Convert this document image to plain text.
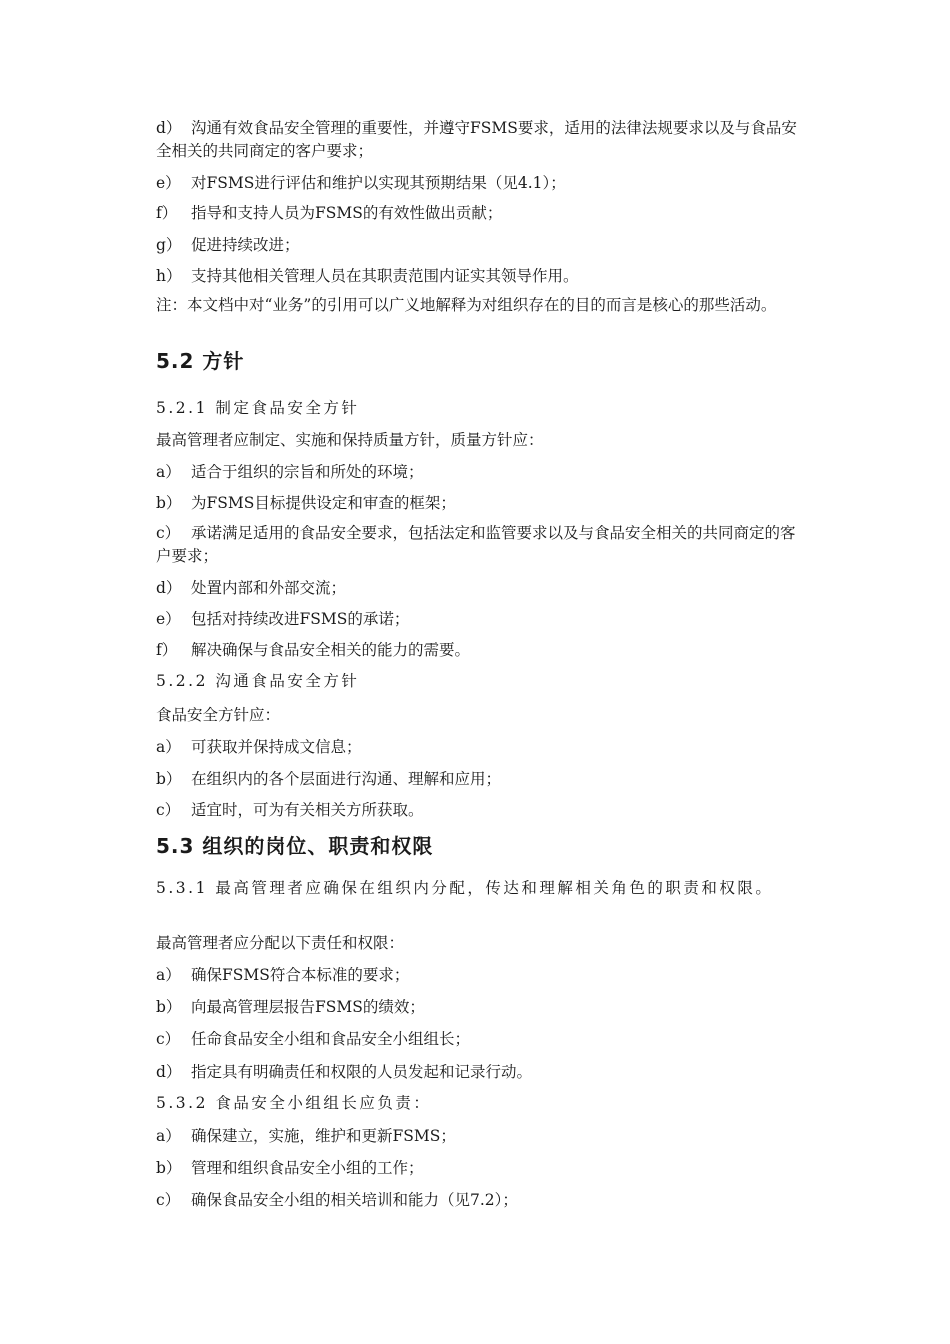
d） 沟通有效食品安全管理的重要性，并遵守FSMS要求，适用的法律法规要求以及与食品安全相关的共同商定的客户要求；
e） 对FSMS进行评估和维护以实现其预期结果（见4.1）；
f） 指导和支持人员为FSMS的有效性做出贡献；
g） 促进持续改进；
h） 支持其他相关管理人员在其职责范围内证实其领导作用。
注：本文档中对“业务”的引用可以广义地解释为对组织存在的目的而言是核心的那些活动。
5.2 方针
5.2.1 制定食品安全方针
最高管理者应制定、实施和保持质量方针，质量方针应：
a） 适合于组织的宗旨和所处的环境；
b） 为FSMS目标提供设定和审查的框架；
c） 承诺满足适用的食品安全要求，包括法定和监管要求以及与食品安全相关的共同商定的客户要求；
d） 处置内部和外部交流；
e） 包括对持续改进FSMS的承诺；
f） 解决确保与食品安全相关的能力的需要。
5.2.2 沟通食品安全方针
食品安全方针应：
a） 可获取并保持成文信息；
b） 在组织内的各个层面进行沟通、理解和应用；
c） 适宜时，可为有关相关方所获取。
5.3 组织的岗位、职责和权限
5.3.1 最高管理者应确保在组织内分配，传达和理解相关角色的职责和权限。
最高管理者应分配以下责任和权限：
a） 确保FSMS符合本标准的要求；
b） 向最高管理层报告FSMS的绩效；
c） 任命食品安全小组和食品安全小组组长；
d） 指定具有明确责任和权限的人员发起和记录行动。
5.3.2 食品安全小组组长应负责：
a） 确保建立，实施，维护和更新FSMS；
b） 管理和组织食品安全小组的工作；
c） 确保食品安全小组的相关培训和能力（见7.2）；
